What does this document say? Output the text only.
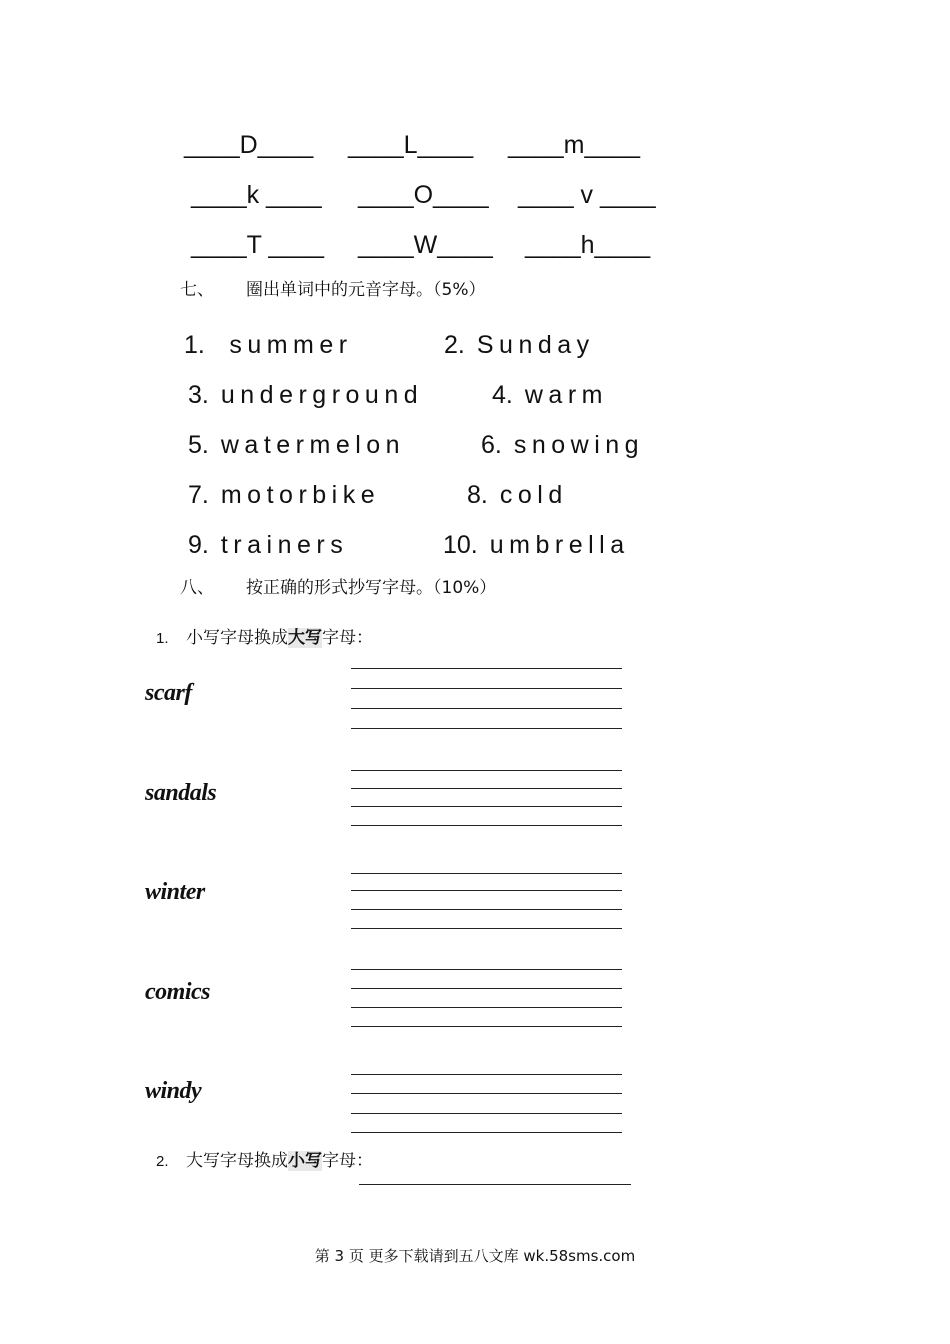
____D____ ____L____ ____m____
____k ____ ____O____ ____ v ____
____T ____ ____W____ ____h____
七、 圈出单词中的元音字母。（5%）
1. summer	2. Sunday
3. underground	4. warm
5. watermelon	6. snowing
7. motorbike	8. cold
9. trainers	10. umbrella
八、 按正确的形式抄写字母。（10%）
1. 小写字母换成大写字母：
scarf
sandals
winter
comics
windy
2. 大写字母换成小写字母：
第 3 页 更多下载请到五八文库 wk.58sms.com
